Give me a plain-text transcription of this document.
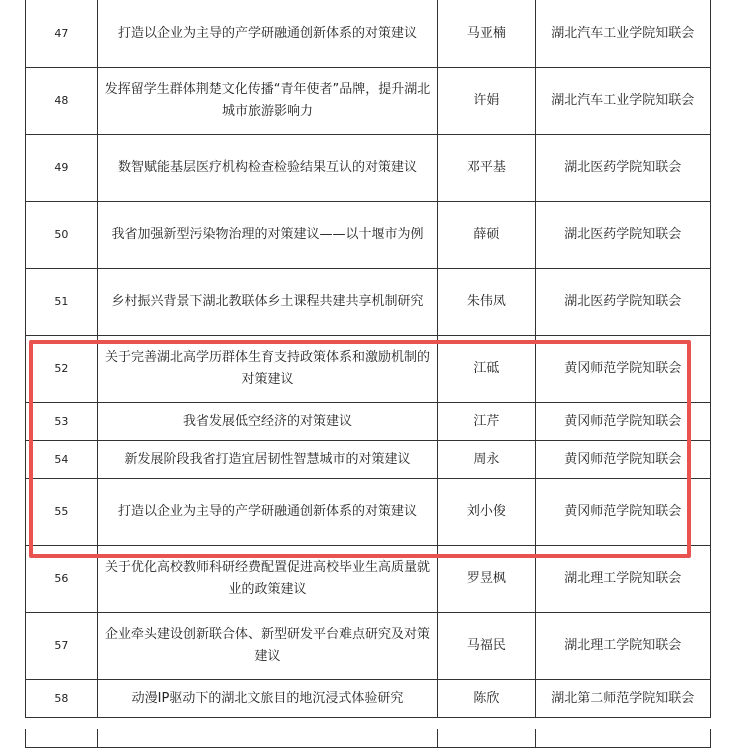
47	打造以企业为主导的产学研融通创新体系的对策建议	马亚楠	湖北汽车工业学院知联会
48	发挥留学生群体荆楚文化传播“青年使者”品牌，提升湖北城市旅游影响力	许娟	湖北汽车工业学院知联会
49	数智赋能基层医疗机构检查检验结果互认的对策建议	邓平基	湖北医药学院知联会
50	我省加强新型污染物治理的对策建议——以十堰市为例	薛硕	湖北医药学院知联会
51	乡村振兴背景下湖北教联体乡土课程共建共享机制研究	朱伟凤	湖北医药学院知联会
52	关于完善湖北高学历群体生育支持政策体系和激励机制的对策建议	江砥	黄冈师范学院知联会
53	我省发展低空经济的对策建议	江芹	黄冈师范学院知联会
54	新发展阶段我省打造宜居韧性智慧城市的对策建议	周永	黄冈师范学院知联会
55	打造以企业为主导的产学研融通创新体系的对策建议	刘小俊	黄冈师范学院知联会
56	关于优化高校教师科研经费配置促进高校毕业生高质量就业的政策建议	罗昱枫	湖北理工学院知联会
57	企业牵头建设创新联合体、新型研发平台难点研究及对策建议	马福民	湖北理工学院知联会
58	动漫IP驱动下的湖北文旅目的地沉浸式体验研究	陈欣	湖北第二师范学院知联会
